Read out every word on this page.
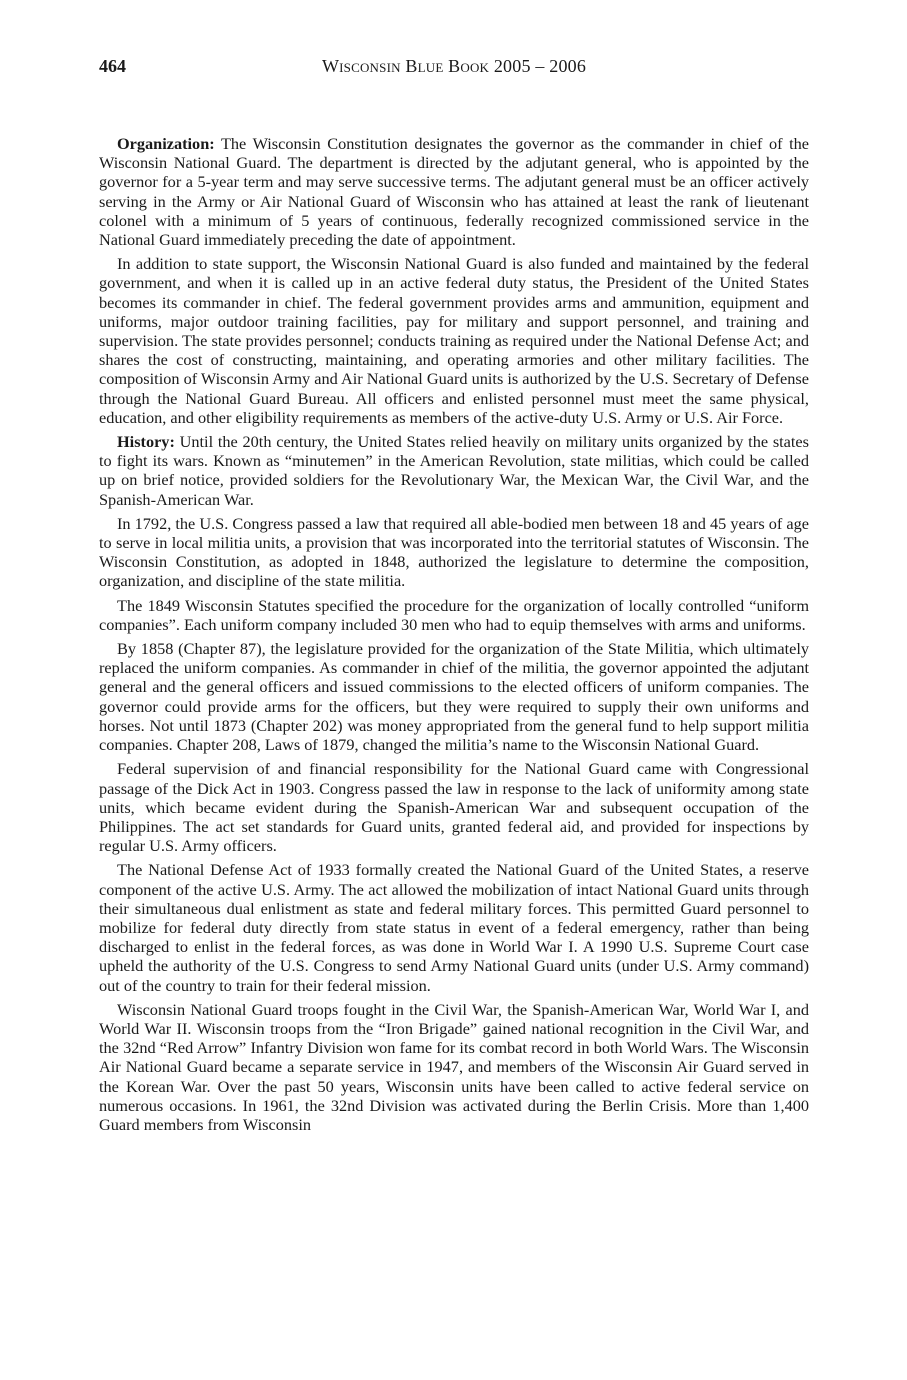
464	Wisconsin Blue Book 2005 – 2006

Organization: The Wisconsin Constitution designates the governor as the commander in chief of the Wisconsin National Guard. The department is directed by the adjutant general, who is appointed by the governor for a 5-year term and may serve successive terms. The adjutant general must be an officer actively serving in the Army or Air National Guard of Wisconsin who has attained at least the rank of lieutenant colonel with a minimum of 5 years of continuous, federally recognized commissioned service in the National Guard immediately preceding the date of appointment.

In addition to state support, the Wisconsin National Guard is also funded and maintained by the federal government, and when it is called up in an active federal duty status, the President of the United States becomes its commander in chief. The federal government provides arms and ammunition, equipment and uniforms, major outdoor training facilities, pay for military and support personnel, and training and supervision. The state provides personnel; conducts training as required under the National Defense Act; and shares the cost of constructing, maintaining, and operating armories and other military facilities. The composition of Wisconsin Army and Air National Guard units is authorized by the U.S. Secretary of Defense through the National Guard Bureau. All officers and enlisted personnel must meet the same physical, education, and other eligibility requirements as members of the active-duty U.S. Army or U.S. Air Force.

History: Until the 20th century, the United States relied heavily on military units organized by the states to fight its wars. Known as “minutemen” in the American Revolution, state militias, which could be called up on brief notice, provided soldiers for the Revolutionary War, the Mexican War, the Civil War, and the Spanish-American War.

In 1792, the U.S. Congress passed a law that required all able-bodied men between 18 and 45 years of age to serve in local militia units, a provision that was incorporated into the territorial statutes of Wisconsin. The Wisconsin Constitution, as adopted in 1848, authorized the legislature to determine the composition, organization, and discipline of the state militia.

The 1849 Wisconsin Statutes specified the procedure for the organization of locally controlled “uniform companies”. Each uniform company included 30 men who had to equip themselves with arms and uniforms.

By 1858 (Chapter 87), the legislature provided for the organization of the State Militia, which ultimately replaced the uniform companies. As commander in chief of the militia, the governor appointed the adjutant general and the general officers and issued commissions to the elected officers of uniform companies. The governor could provide arms for the officers, but they were required to supply their own uniforms and horses. Not until 1873 (Chapter 202) was money appropriated from the general fund to help support militia companies. Chapter 208, Laws of 1879, changed the militia’s name to the Wisconsin National Guard.

Federal supervision of and financial responsibility for the National Guard came with Congressional passage of the Dick Act in 1903. Congress passed the law in response to the lack of uniformity among state units, which became evident during the Spanish-American War and subsequent occupation of the Philippines. The act set standards for Guard units, granted federal aid, and provided for inspections by regular U.S. Army officers.

The National Defense Act of 1933 formally created the National Guard of the United States, a reserve component of the active U.S. Army. The act allowed the mobilization of intact National Guard units through their simultaneous dual enlistment as state and federal military forces. This permitted Guard personnel to mobilize for federal duty directly from state status in event of a federal emergency, rather than being discharged to enlist in the federal forces, as was done in World War I. A 1990 U.S. Supreme Court case upheld the authority of the U.S. Congress to send Army National Guard units (under U.S. Army command) out of the country to train for their federal mission.

Wisconsin National Guard troops fought in the Civil War, the Spanish-American War, World War I, and World War II. Wisconsin troops from the “Iron Brigade” gained national recognition in the Civil War, and the 32nd “Red Arrow” Infantry Division won fame for its combat record in both World Wars. The Wisconsin Air National Guard became a separate service in 1947, and members of the Wisconsin Air Guard served in the Korean War. Over the past 50 years, Wisconsin units have been called to active federal service on numerous occasions. In 1961, the 32nd Division was activated during the Berlin Crisis. More than 1,400 Guard members from Wisconsin
